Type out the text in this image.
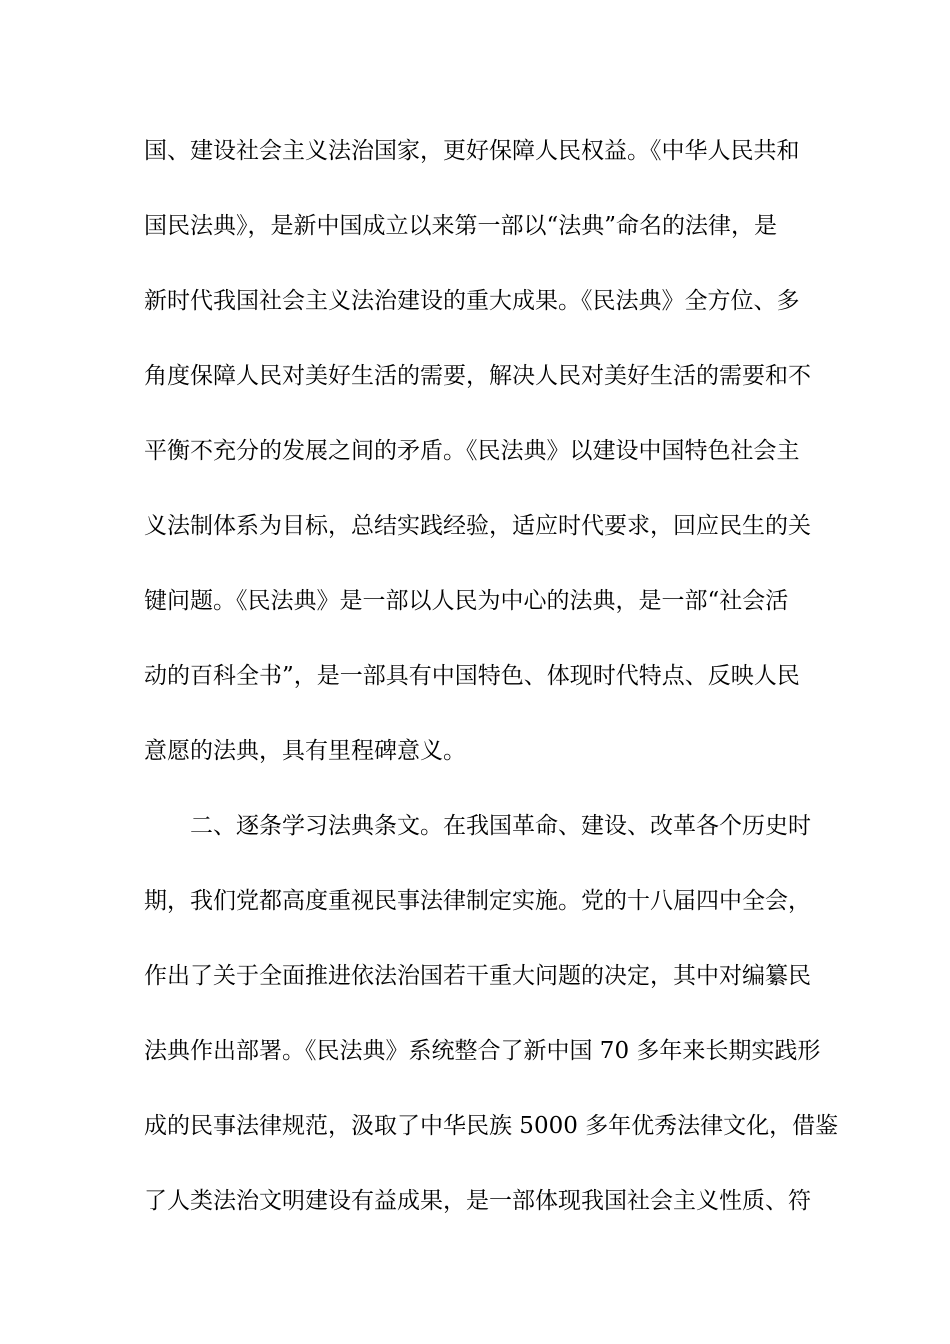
国、建设社会主义法治国家，更好保障人民权益。《中华人民共和
国民法典》，是新中国成立以来第一部以“法典”命名的法律，是
新时代我国社会主义法治建设的重大成果。《民法典》全方位、多
角度保障人民对美好生活的需要，解决人民对美好生活的需要和不
平衡不充分的发展之间的矛盾。《民法典》以建设中国特色社会主
义法制体系为目标，总结实践经验，适应时代要求，回应民生的关
键问题。《民法典》是一部以人民为中心的法典，是一部“社会活
动的百科全书”，是一部具有中国特色、体现时代特点、反映人民
意愿的法典，具有里程碑意义。
二、逐条学习法典条文。在我国革命、建设、改革各个历史时
期，我们党都高度重视民事法律制定实施。党的十八届四中全会，
作出了关于全面推进依法治国若干重大问题的决定，其中对编纂民
法典作出部署。《民法典》系统整合了新中国 70 多年来长期实践形
成的民事法律规范，汲取了中华民族 5000 多年优秀法律文化，借鉴
了人类法治文明建设有益成果，是一部体现我国社会主义性质、符
